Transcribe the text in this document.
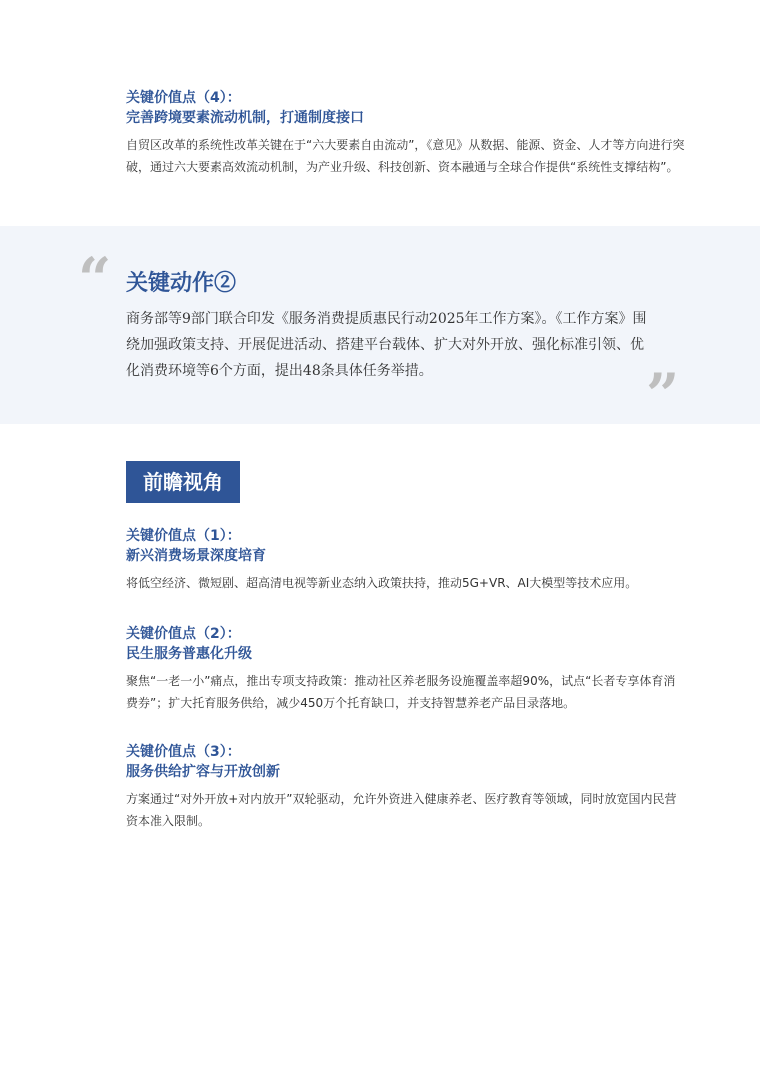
关键价值点（4）：

完善跨境要素流动机制，打通制度接口

自贸区改革的系统性改革关键在于“六大要素自由流动”，《意见》从数据、能源、资金、人才等方向进行突破，通过六大要素高效流动机制，为产业升级、科技创新、资本融通与全球合作提供“系统性支撑结构”。

“ 关键动作②

商务部等9部门联合印发《服务消费提质惠民行动2025年工作方案》。《工作方案》围绕加强政策支持、开展促进活动、搭建平台载体、扩大对外开放、强化标准引领、优化消费环境等6个方面，提出48条具体任务举措。	”
前瞻视角

关键价值点（1）：

新兴消费场景深度培育

将低空经济、微短剧、超高清电视等新业态纳入政策扶持，推动5G+VR、AI大模型等技术应用。

关键价值点（2）：

民生服务普惠化升级

聚焦“一老一小”痛点，推出专项支持政策：推动社区养老服务设施覆盖率超90%，试点“长者专享体育消费券”；扩大托育服务供给，减少450万个托育缺口，并支持智慧养老产品目录落地。

关键价值点（3）：

服务供给扩容与开放创新

方案通过“对外开放+对内放开”双轮驱动，允许外资进入健康养老、医疗教育等领域，同时放宽国内民营资本准入限制。
